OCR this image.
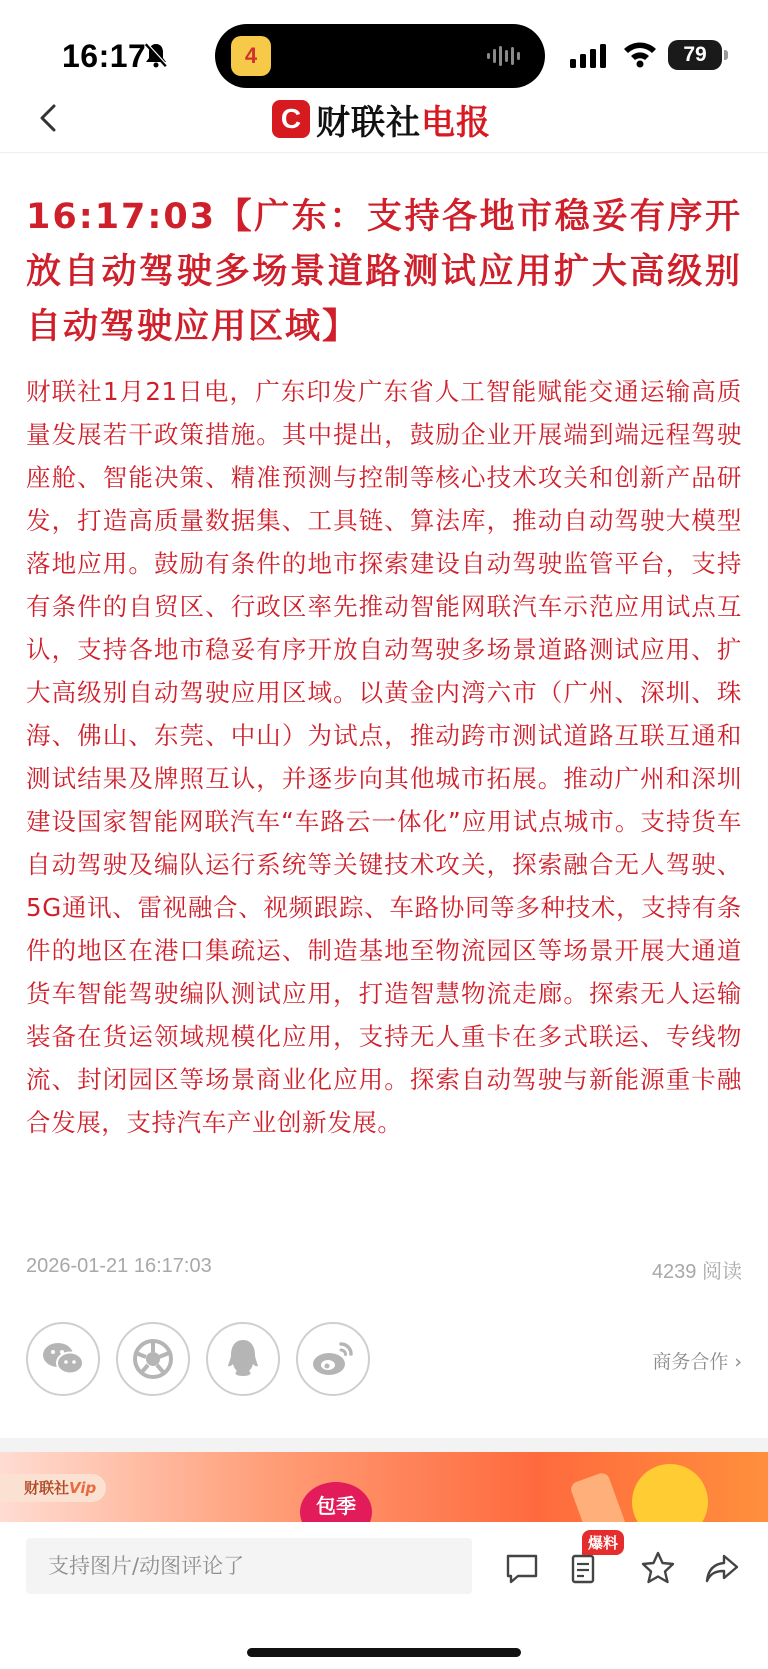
16:17	4	79
C 财联社 电报
16:17:03【广东：支持各地市稳妥有序开放自动驾驶多场景道路测试应用扩大高级别自动驾驶应用区域】
财联社1月21日电，广东印发广东省人工智能赋能交通运输高质量发展若干政策措施。其中提出，鼓励企业开展端到端远程驾驶座舱、智能决策、精准预测与控制等核心技术攻关和创新产品研发，打造高质量数据集、工具链、算法库，推动自动驾驶大模型落地应用。鼓励有条件的地市探索建设自动驾驶监管平台，支持有条件的自贸区、行政区率先推动智能网联汽车示范应用试点互认，支持各地市稳妥有序开放自动驾驶多场景道路测试应用、扩大高级别自动驾驶应用区域。以黄金内湾六市（广州、深圳、珠海、佛山、东莞、中山）为试点，推动跨市测试道路互联互通和测试结果及牌照互认，并逐步向其他城市拓展。推动广州和深圳建设国家智能网联汽车“车路云一体化”应用试点城市。支持货车自动驾驶及编队运行系统等关键技术攻关，探索融合无人驾驶、5G通讯、雷视融合、视频跟踪、车路协同等多种技术，支持有条件的地区在港口集疏运、制造基地至物流园区等场景开展大通道货车智能驾驶编队测试应用，打造智慧物流走廊。探索无人运输装备在货运领域规模化应用，支持无人重卡在多式联运、专线物流、封闭园区等场景商业化应用。探索自动驾驶与新能源重卡融合发展，支持汽车产业创新发展。
2026-01-21 16:17:03	4239 阅读
商务合作 ›
财联社Vip
包季
支持图片/动图评论了
爆料
